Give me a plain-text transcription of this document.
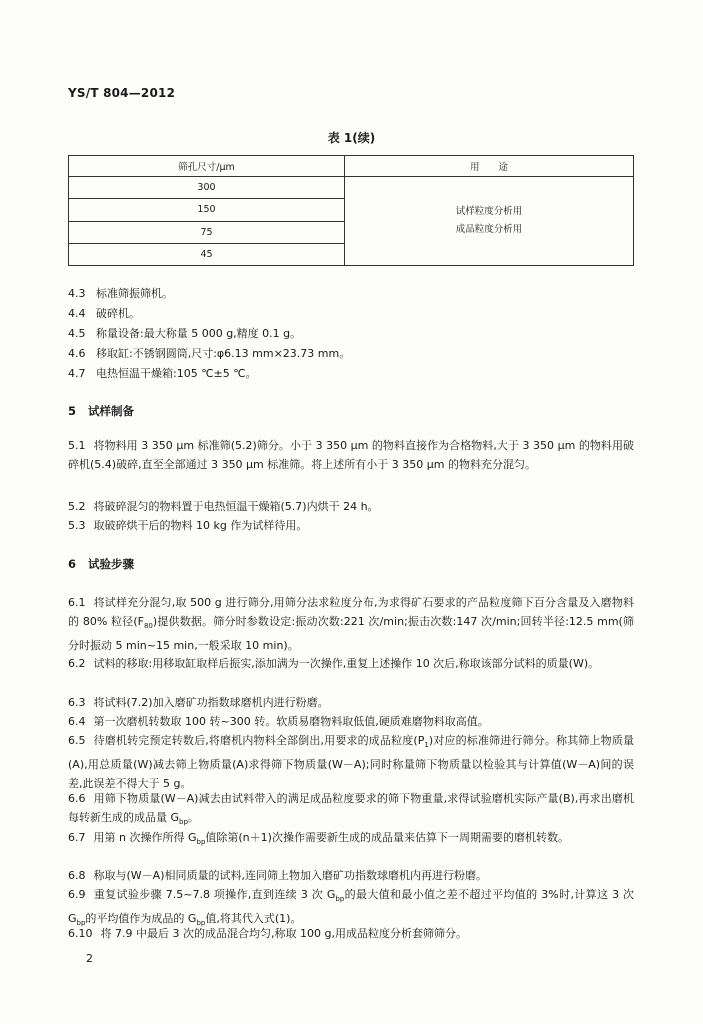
YS/T 804—2012
表 1(续)
筛孔尺寸/μm	用　　途
300	试样粒度分析用
成品粒度分析用

150	
75	
45	
4.3 标准筛振筛机。
4.4 破碎机。
4.5 称量设备:最大称量 5 000 g,精度 0.1 g。
4.6 移取缸:不锈钢圆筒,尺寸:φ6.13 mm×23.73 mm。
4.7 电热恒温干燥箱:105 ℃±5 ℃。
5 试样制备
5.1 将物料用 3 350 μm 标准筛(5.2)筛分。小于 3 350 μm 的物料直接作为合格物料,大于 3 350 μm 的物料用破碎机(5.4)破碎,直至全部通过 3 350 μm 标准筛。将上述所有小于 3 350 μm 的物料充分混匀。
5.2 将破碎混匀的物料置于电热恒温干燥箱(5.7)内烘干 24 h。
5.3 取破碎烘干后的物料 10 kg 作为试样待用。
6 试验步骤
6.1 将试样充分混匀,取 500 g 进行筛分,用筛分法求粒度分布,为求得矿石要求的产品粒度筛下百分含量及入磨物料的 80% 粒径$(F_{80})$提供数据。筛分时参数设定:振动次数:221 次/min;振击次数:147 次/min;回转半径:12.5 mm(筛分时振动 5 min~15 min,一般采取 10 min)。
6.2 试料的移取:用移取缸取样后振实,添加满为一次操作,重复上述操作 10 次后,称取该部分试料的质量(W)。
6.3 将试料(7.2)加入磨矿功指数球磨机内进行粉磨。
6.4 第一次磨机转数取 100 转~300 转。软质易磨物料取低值,硬质难磨物料取高值。
6.5 待磨机转完预定转数后,将磨机内物料全部倒出,用要求的成品粒度$(P_1)$对应的标准筛进行筛分。称其筛上物质量(A),用总质量(W)减去筛上物质量(A)求得筛下物质量(W－A);同时称量筛下物质量以检验其与计算值(W－A)间的误差,此误差不得大于 5 g。
6.6 用筛下物质量(W－A)减去由试料带入的满足成品粒度要求的筛下物重量,求得试验磨机实际产量(B),再求出磨机每转新生成的成品量 $G_{bp}$。
6.7 用第 n 次操作所得 $G_{bp}$值除第(n＋1)次操作需要新生成的成品量来估算下一周期需要的磨机转数。
6.8 称取与(W－A)相同质量的试料,连同筛上物加入磨矿功指数球磨机内再进行粉磨。
6.9 重复试验步骤 7.5~7.8 项操作,直到连续 3 次 $G_{bp}$的最大值和最小值之差不超过平均值的 3%时,计算这 3 次 $G_{bp}$的平均值作为成品的 $G_{bp}$值,将其代入式(1)。
6.10 将 7.9 中最后 3 次的成品混合均匀,称取 100 g,用成品粒度分析套筛筛分。
2
